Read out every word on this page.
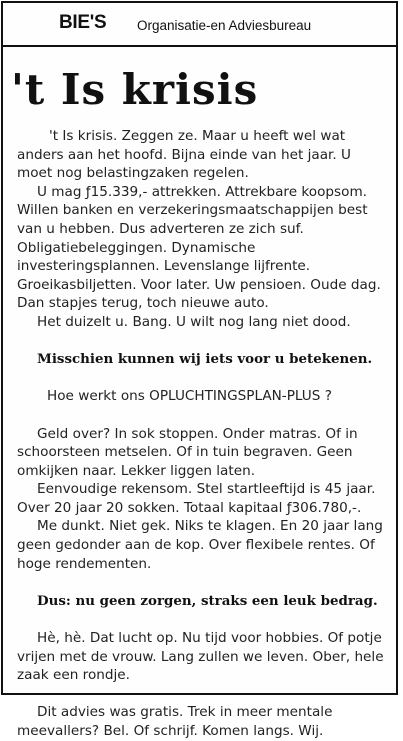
BIE'S Organisatie-en Adviesbureau
't Is krisis

't Is krisis. Zeggen ze. Maar u heeft wel wat anders aan het hoofd. Bijna einde van het jaar. U moet nog belastingzaken regelen.

U mag ƒ15.339,- attrekken. Attrekbare koopsom. Willen banken en verzekeringsmaatschappijen best van u hebben. Dus adverteren ze zich suf. Obligatiebeleggingen. Dynamische investeringsplannen. Levenslange lijfrente. Groeikasbiljetten. Voor later. Uw pensioen. Oude dag. Dan stapjes terug, toch nieuwe auto.

Het duizelt u. Bang. U wilt nog lang niet dood.

Misschien kunnen wij iets voor u betekenen.

Hoe werkt ons OPLUCHTINGSPLAN-PLUS ?

Geld over? In sok stoppen. Onder matras. Of in schoorsteen metselen. Of in tuin begraven. Geen omkijken naar. Lekker liggen laten.

Eenvoudige rekensom. Stel startleeftijd is 45 jaar. Over 20 jaar 20 sokken. Totaal kapitaal ƒ306.780,-.

Me dunkt. Niet gek. Niks te klagen. En 20 jaar lang geen gedonder aan de kop. Over flexibele rentes. Of hoge rendementen.

Dus: nu geen zorgen, straks een leuk bedrag.

Hè, hè. Dat lucht op. Nu tijd voor hobbies. Of potje vrijen met de vrouw. Lang zullen we leven. Ober, hele zaak een rondje.

Dit advies was gratis. Trek in meer mentale meevallers? Bel. Of schrijf. Komen langs. Wij.
